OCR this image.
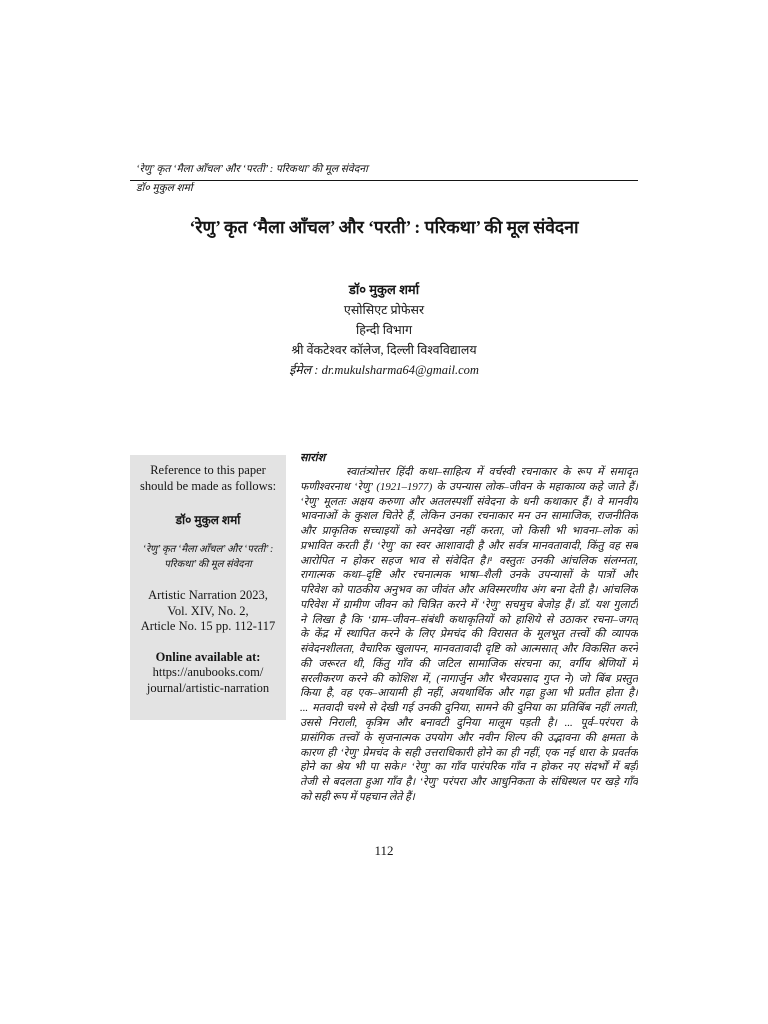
‘रेणु’ कृत ‘मैला आँचल’ और ‘परती’ : परिकथा’ की मूल संवेदना
डॉ० मुकुल शर्मा
‘रेणु’ कृत ‘मैला आँचल’ और ‘परती’ : परिकथा’ की मूल संवेदना
डॉ० मुकुल शर्मा
एसोसिएट प्रोफेसर
हिन्दी विभाग
श्री वेंकटेश्वर कॉलेज, दिल्ली विश्वविद्यालय
ईमेल : dr.mukulsharma64@gmail.com
Reference to this paper should be made as follows:
डॉ० मुकुल शर्मा
‘रेणु’ कृत ‘मैला आँचल’ और ‘परती’ : परिकथा’ की मूल संवेदना
Artistic Narration 2023,
Vol. XIV, No. 2,
Article No. 15 pp. 112-117
Online available at:
https://anubooks.com/
journal/artistic-narration
सारांश
स्वातंत्र्योत्तर हिंदी कथा–साहित्य में वर्चस्वी रचनाकार के रूप में समादृत
फणीश्वरनाथ ‘रेणु’ (1921–1977) के उपन्यास लोक–जीवन के महाकाव्य कहे जाते हैं।
‘रेणु’ मूलतः अक्षय करुणा और अतलस्पर्शी संवेदना के धनी कथाकार हैं। वे मानवीय
भावनाओं के कुशल चितेरे हैं, लेकिन उनका रचनाकार मन उन सामाजिक, राजनीतिक
और प्राकृतिक सच्चाइयों को अनदेखा नहीं करता, जो किसी भी भावना–लोक को
प्रभावित करती हैं। ‘रेणु’ का स्वर आशावादी है और सर्वत्र मानवतावादी, किंतु वह सब
आरोपित न होकर सहज भाव से संवेदित है।¹ वस्तुतः उनकी आंचलिक संलग्नता,
रागात्मक कथा–दृष्टि और रचनात्मक भाषा–शैली उनके उपन्यासों के पात्रों और
परिवेश को पाठकीय अनुभव का जीवंत और अविस्मरणीय अंग बना देती है। आंचलिक
परिवेश में ग्रामीण जीवन को चित्रित करने में ‘रेणु’ सचमुच बेजोड़ हैं। डॉ. यश गुलाटी
ने लिखा है कि ‘ग्राम–जीवन–संबंधी कथाकृतियों को हाशिये से उठाकर रचना–जगत्
के केंद्र में स्थापित करने के लिए प्रेमचंद की विरासत के मूलभूत तत्त्वों की व्यापक
संवेदनशीलता, वैचारिक खुलापन, मानवतावादी दृष्टि को आत्मसात् और विकसित करने
की जरूरत थी, किंतु गाँव की जटिल सामाजिक संरचना का, वर्गीय श्रेणियों में
सरलीकरण करने की कोशिश में, (नागार्जुन और भैरवप्रसाद गुप्त ने) जो बिंब प्रस्तुत
किया है, वह एक–आयामी ही नहीं, अयथार्थिक और गढ़ा हुआ भी प्रतीत होता है।
... मतवादी चश्मे से देखी गई उनकी दुनिया, सामने की दुनिया का प्रतिबिंब नहीं लगती,
उससे निराली, कृत्रिम और बनावटी दुनिया मालूम पड़ती है। ... पूर्व–परंपरा के
प्रासंगिक तत्त्वों के सृजनात्मक उपयोग और नवीन शिल्प की उद्भावना की क्षमता के
कारण ही ‘रेणु’ प्रेमचंद के सही उत्तराधिकारी होने का ही नहीं, एक नई धारा के प्रवर्तक
होने का श्रेय भी पा सके।² ‘रेणु’ का गाँव पारंपरिक गाँव न होकर नए संदर्भों में बड़ी
तेजी से बदलता हुआ गाँव है। ‘रेणु’ परंपरा और आधुनिकता के संधिस्थल पर खड़े गाँव
को सही रूप में पहचान लेते हैं।
112
